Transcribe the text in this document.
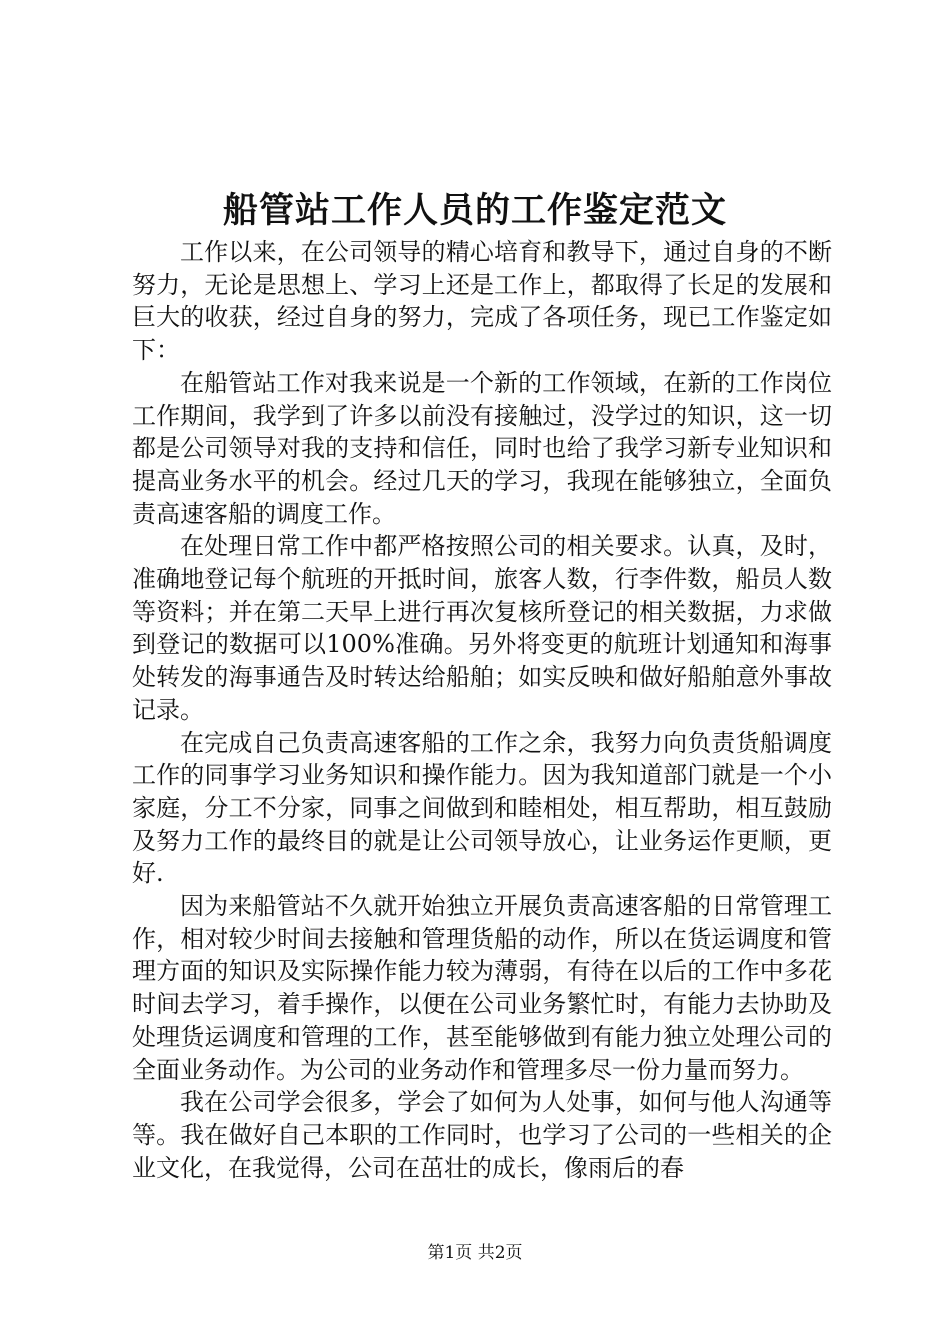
船管站工作人员的工作鉴定范文

工作以来，在公司领导的精心培育和教导下，通过自身的不断努力，无论是思想上、学习上还是工作上，都取得了长足的发展和巨大的收获，经过自身的努力，完成了各项任务，现已工作鉴定如下：

在船管站工作对我来说是一个新的工作领域，在新的工作岗位工作期间，我学到了许多以前没有接触过，没学过的知识，这一切都是公司领导对我的支持和信任，同时也给了我学习新专业知识和提高业务水平的机会。经过几天的学习，我现在能够独立，全面负责高速客船的调度工作。

在处理日常工作中都严格按照公司的相关要求。认真，及时，准确地登记每个航班的开抵时间，旅客人数，行李件数，船员人数等资料；并在第二天早上进行再次复核所登记的相关数据，力求做到登记的数据可以100%准确。另外将变更的航班计划通知和海事处转发的海事通告及时转达给船舶；如实反映和做好船舶意外事故记录。

在完成自己负责高速客船的工作之余，我努力向负责货船调度工作的同事学习业务知识和操作能力。因为我知道部门就是一个小家庭，分工不分家，同事之间做到和睦相处，相互帮助，相互鼓励及努力工作的最终目的就是让公司领导放心，让业务运作更顺，更好.

因为来船管站不久就开始独立开展负责高速客船的日常管理工作，相对较少时间去接触和管理货船的动作，所以在货运调度和管理方面的知识及实际操作能力较为薄弱，有待在以后的工作中多花时间去学习，着手操作，以便在公司业务繁忙时，有能力去协助及处理货运调度和管理的工作，甚至能够做到有能力独立处理公司的全面业务动作。为公司的业务动作和管理多尽一份力量而努力。

我在公司学会很多，学会了如何为人处事，如何与他人沟通等等。我在做好自己本职的工作同时，也学习了公司的一些相关的企业文化，在我觉得，公司在茁壮的成长，像雨后的春

第1页 共2页
